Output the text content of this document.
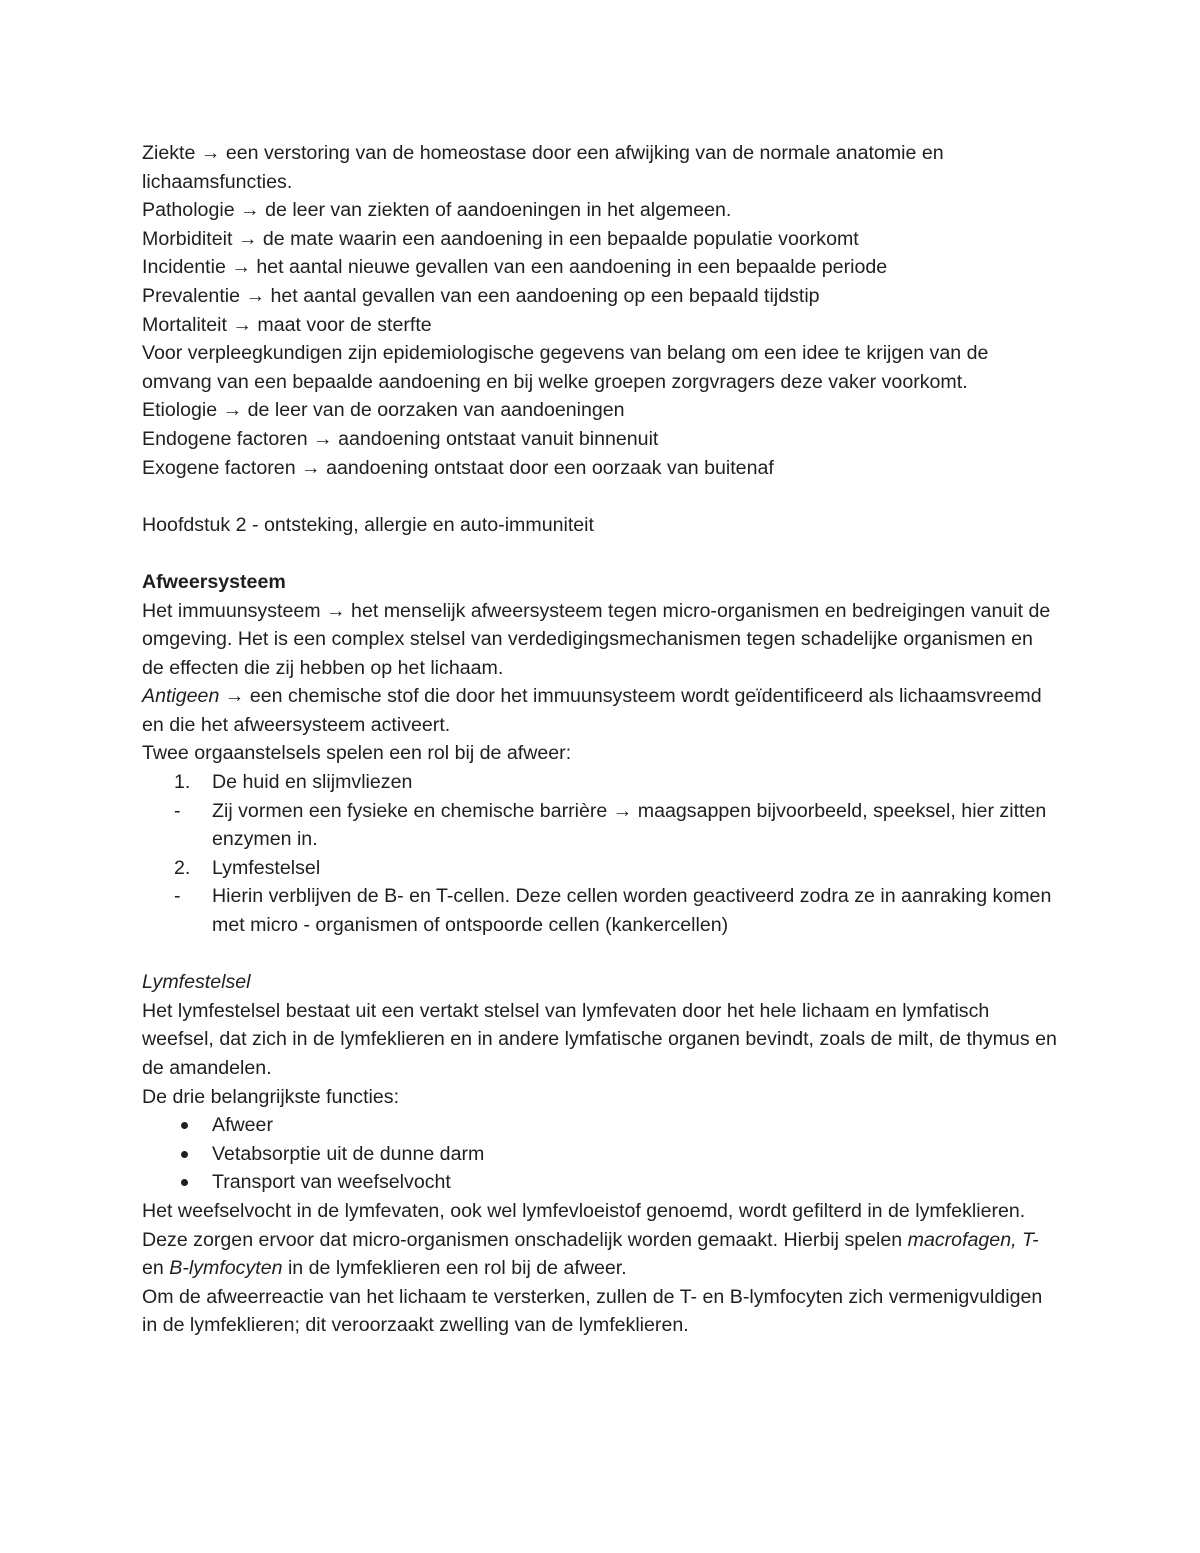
Ziekte → een verstoring van de homeostase door een afwijking van de normale anatomie en lichaamsfuncties.

Pathologie → de leer van ziekten of aandoeningen in het algemeen.

Morbiditeit → de mate waarin een aandoening in een bepaalde populatie voorkomt

Incidentie → het aantal nieuwe gevallen van een aandoening in een bepaalde periode

Prevalentie → het aantal gevallen van een aandoening op een bepaald tijdstip

Mortaliteit → maat voor de sterfte

Voor verpleegkundigen zijn epidemiologische gegevens van belang om een idee te krijgen van de omvang van een bepaalde aandoening en bij welke groepen zorgvragers deze vaker voorkomt.

Etiologie → de leer van de oorzaken van aandoeningen

Endogene factoren → aandoening ontstaat vanuit binnenuit

Exogene factoren → aandoening ontstaat door een oorzaak van buitenaf

Hoofdstuk 2 - ontsteking, allergie en auto-immuniteit

Afweersysteem

Het immuunsysteem → het menselijk afweersysteem tegen micro-organismen en bedreigingen vanuit de omgeving. Het is een complex stelsel van verdedigingsmechanismen tegen schadelijke organismen en de effecten die zij hebben op het lichaam.

Antigeen → een chemische stof die door het immuunsysteem wordt geïdentificeerd als lichaamsvreemd en die het afweersysteem activeert.

Twee orgaanstelsels spelen een rol bij de afweer:

1. De huid en slijmvliezen
- Zij vormen een fysieke en chemische barrière → maagsappen bijvoorbeeld, speeksel, hier zitten enzymen in.
2. Lymfestelsel
- Hierin verblijven de B- en T-cellen. Deze cellen worden geactiveerd zodra ze in aanraking komen met micro - organismen of ontspoorde cellen (kankercellen)

Lymfestelsel

Het lymfestelsel bestaat uit een vertakt stelsel van lymfevaten door het hele lichaam en lymfatisch weefsel, dat zich in de lymfeklieren en in andere lymfatische organen bevindt, zoals de milt, de thymus en de amandelen.

De drie belangrijkste functies:

Afweer
Vetabsorptie uit de dunne darm
Transport van weefselvocht

Het weefselvocht in de lymfevaten, ook wel lymfevloeistof genoemd, wordt gefilterd in de lymfeklieren. Deze zorgen ervoor dat micro-organismen onschadelijk worden gemaakt. Hierbij spelen macrofagen, T- en B-lymfocyten in de lymfeklieren een rol bij de afweer.

Om de afweerreactie van het lichaam te versterken, zullen de T- en B-lymfocyten zich vermenigvuldigen in de lymfeklieren; dit veroorzaakt zwelling van de lymfeklieren.
